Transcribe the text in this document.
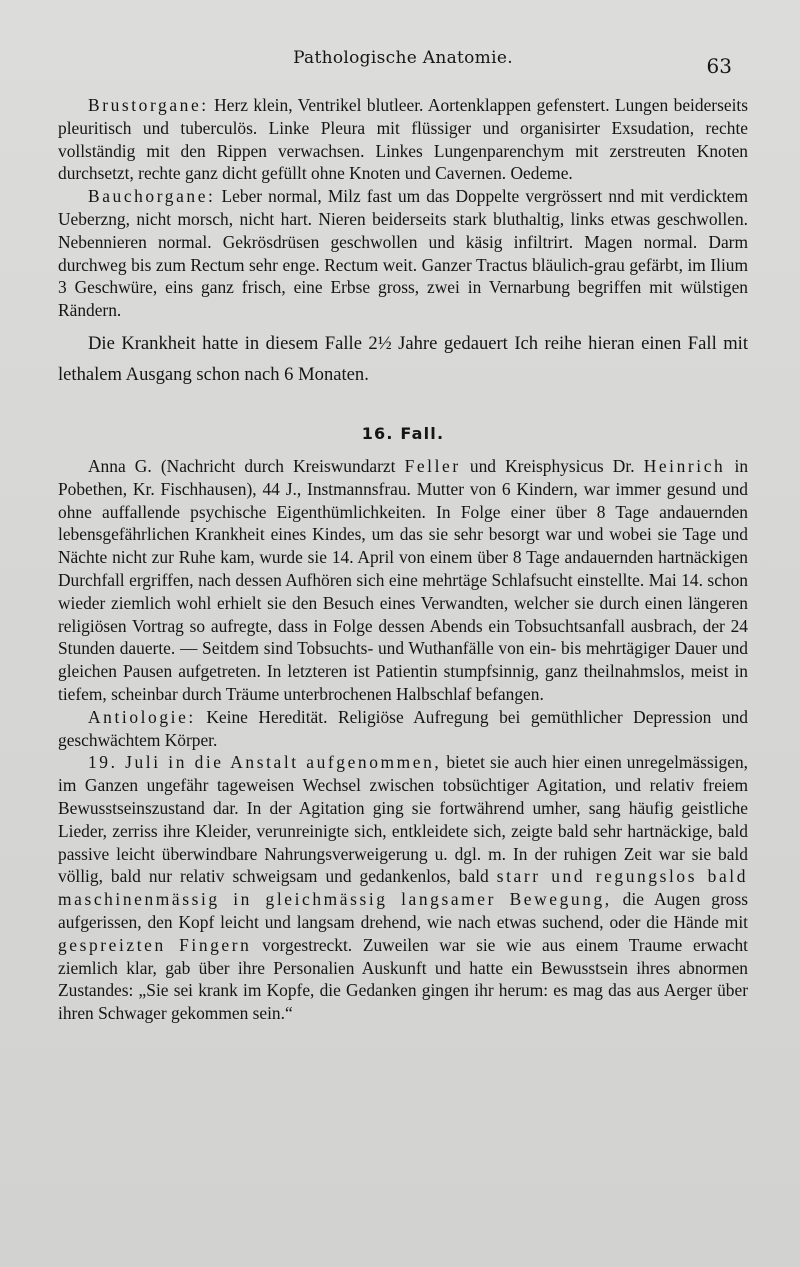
Pathologische Anatomie.	63

Brustorgane: Herz klein, Ventrikel blutleer. Aortenklappen gefenstert. Lungen beiderseits pleuritisch und tuberculös. Linke Pleura mit flüssiger und organisirter Exsudation, rechte vollständig mit den Rippen verwachsen. Linkes Lungenparenchym mit zerstreuten Knoten durchsetzt, rechte ganz dicht gefüllt ohne Knoten und Cavernen. Oedeme.

Bauchorgane: Leber normal, Milz fast um das Doppelte vergrössert nnd mit verdicktem Ueberzng, nicht morsch, nicht hart. Nieren beiderseits stark bluthaltig, links etwas geschwollen. Nebennieren normal. Gekrösdrüsen geschwollen und käsig infiltrirt. Magen normal. Darm durchweg bis zum Rectum sehr enge. Rectum weit. Ganzer Tractus bläulich-grau gefärbt, im Ilium 3 Geschwüre, eins ganz frisch, eine Erbse gross, zwei in Vernarbung begriffen mit wülstigen Rändern.

Die Krankheit hatte in diesem Falle 2½ Jahre gedauert Ich reihe hieran einen Fall mit lethalem Ausgang schon nach 6 Monaten.

16. Fall.

Anna G. (Nachricht durch Kreiswundarzt Feller und Kreisphysicus Dr. Heinrich in Pobethen, Kr. Fischhausen), 44 J., Instmannsfrau. Mutter von 6 Kindern, war immer gesund und ohne auffallende psychische Eigenthümlichkeiten. In Folge einer über 8 Tage andauernden lebensgefährlichen Krankheit eines Kindes, um das sie sehr besorgt war und wobei sie Tage und Nächte nicht zur Ruhe kam, wurde sie 14. April von einem über 8 Tage andauernden hartnäckigen Durchfall ergriffen, nach dessen Aufhören sich eine mehrtäge Schlafsucht einstellte. Mai 14. schon wieder ziemlich wohl erhielt sie den Besuch eines Verwandten, welcher sie durch einen längeren religiösen Vortrag so aufregte, dass in Folge dessen Abends ein Tobsuchtsanfall ausbrach, der 24 Stunden dauerte. — Seitdem sind Tobsuchts- und Wuthanfälle von ein- bis mehrtägiger Dauer und gleichen Pausen aufgetreten. In letzteren ist Patientin stumpfsinnig, ganz theilnahmslos, meist in tiefem, scheinbar durch Träume unterbrochenen Halbschlaf befangen.

Antiologie: Keine Heredität. Religiöse Aufregung bei gemüthlicher Depression und geschwächtem Körper.

19. Juli in die Anstalt aufgenommen, bietet sie auch hier einen unregelmässigen, im Ganzen ungefähr tageweisen Wechsel zwischen tobsüchtiger Agitation, und relativ freiem Bewusstseinszustand dar. In der Agitation ging sie fortwährend umher, sang häufig geistliche Lieder, zerriss ihre Kleider, verunreinigte sich, entkleidete sich, zeigte bald sehr hartnäckige, bald passive leicht überwindbare Nahrungsverweigerung u. dgl. m. In der ruhigen Zeit war sie bald völlig, bald nur relativ schweigsam und gedankenlos, bald starr und regungslos bald maschinenmässig in gleichmässig langsamer Bewegung, die Augen gross aufgerissen, den Kopf leicht und langsam drehend, wie nach etwas suchend, oder die Hände mit gespreizten Fingern vorgestreckt. Zuweilen war sie wie aus einem Traume erwacht ziemlich klar, gab über ihre Personalien Auskunft und hatte ein Bewusstsein ihres abnormen Zustandes: „Sie sei krank im Kopfe, die Gedanken gingen ihr herum: es mag das aus Aerger über ihren Schwager gekommen sein.“
